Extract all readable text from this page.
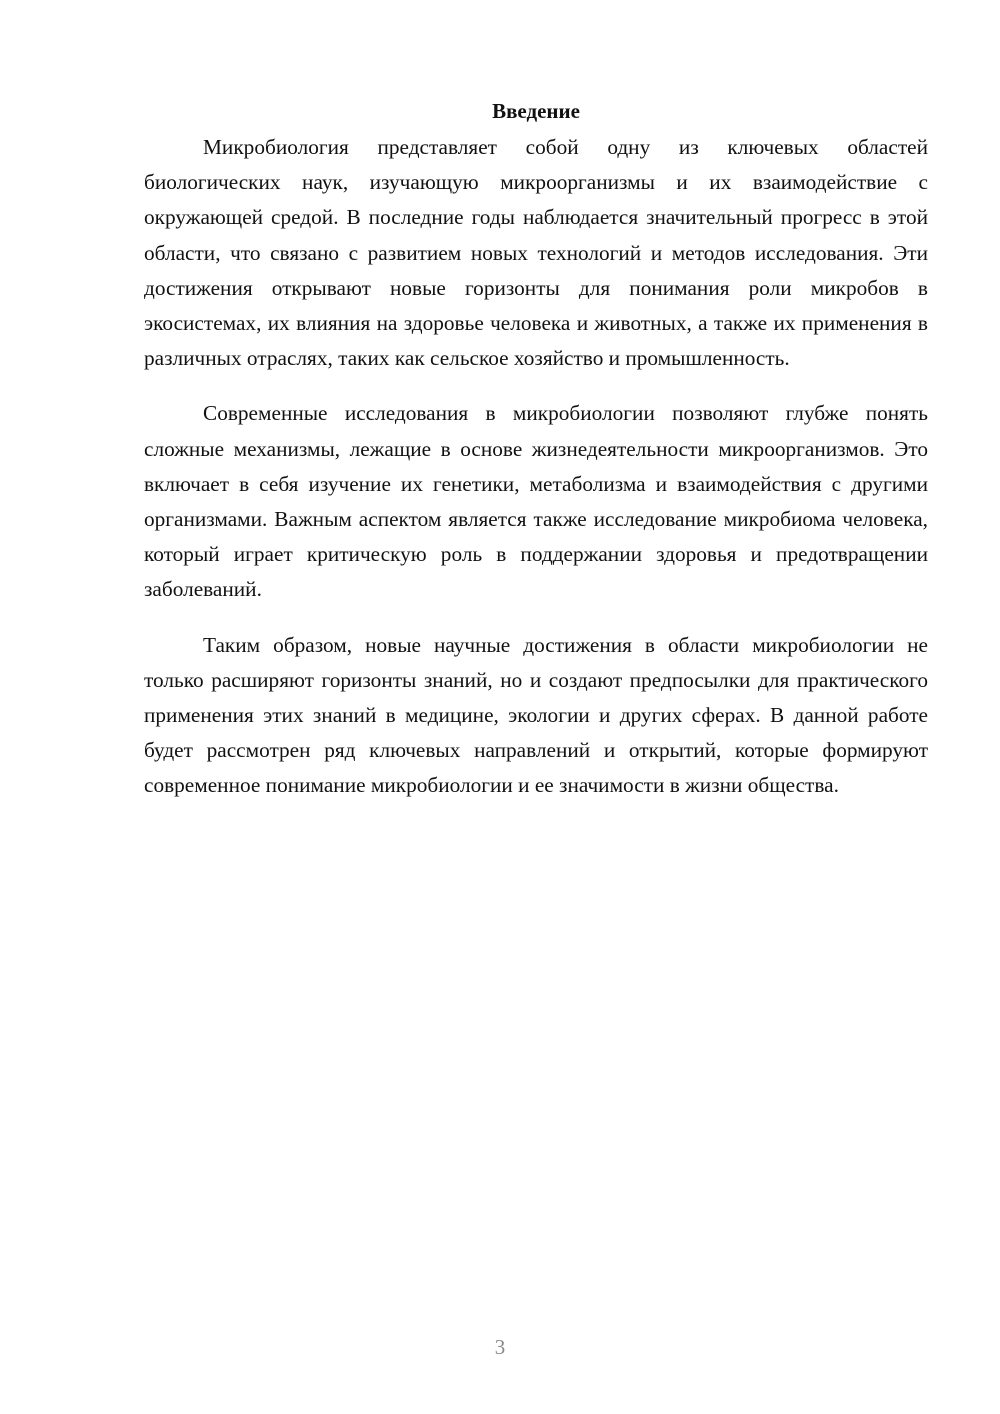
Введение

Микробиология представляет собой одну из ключевых областей биологических наук, изучающую микроорганизмы и их взаимодействие с окружающей средой. В последние годы наблюдается значительный прогресс в этой области, что связано с развитием новых технологий и методов исследования. Эти достижения открывают новые горизонты для понимания роли микробов в экосистемах, их влияния на здоровье человека и животных, а также их применения в различных отраслях, таких как сельское хозяйство и промышленность.

Современные исследования в микробиологии позволяют глубже понять сложные механизмы, лежащие в основе жизнедеятельности микроорганизмов. Это включает в себя изучение их генетики, метаболизма и взаимодействия с другими организмами. Важным аспектом является также исследование микробиома человека, который играет критическую роль в поддержании здоровья и предотвращении заболеваний.

Таким образом, новые научные достижения в области микробиологии не только расширяют горизонты знаний, но и создают предпосылки для практического применения этих знаний в медицине, экологии и других сферах. В данной работе будет рассмотрен ряд ключевых направлений и открытий, которые формируют современное понимание микробиологии и ее значимости в жизни общества.

3
